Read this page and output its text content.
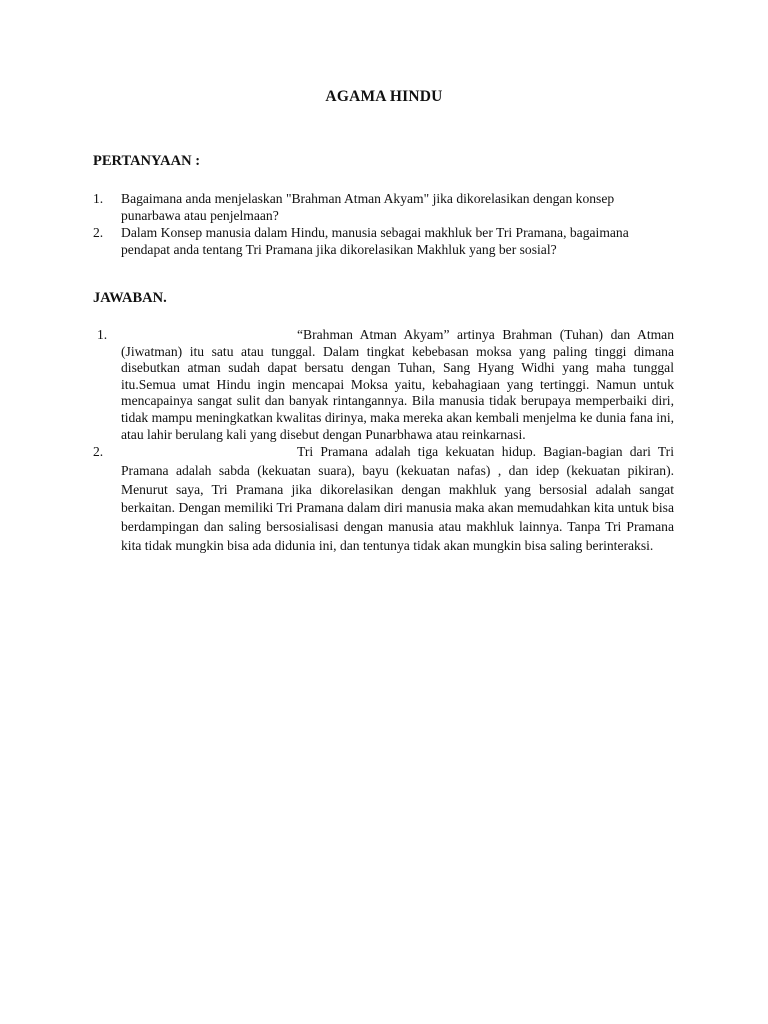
AGAMA HINDU
PERTANYAAN :
1. Bagaimana anda menjelaskan "Brahman Atman Akyam" jika dikorelasikan dengan konsep punarbawa atau penjelmaan?
2. Dalam Konsep manusia dalam Hindu, manusia sebagai makhluk ber Tri Pramana, bagaimana pendapat anda tentang Tri Pramana jika dikorelasikan Makhluk yang ber sosial?
JAWABAN.
1.	“Brahman Atman Akyam” artinya Brahman (Tuhan) dan Atman (Jiwatman) itu satu atau tunggal. Dalam tingkat kebebasan moksa yang paling tinggi dimana disebutkan atman sudah dapat bersatu dengan Tuhan, Sang Hyang Widhi yang maha tunggal itu.Semua umat Hindu ingin mencapai Moksa yaitu, kebahagiaan yang tertinggi. Namun untuk mencapainya sangat sulit dan banyak rintangannya. Bila manusia tidak berupaya memperbaiki diri, tidak mampu meningkatkan kwalitas dirinya, maka mereka akan kembali menjelma ke dunia fana ini, atau lahir berulang kali yang disebut dengan Punarbhawa atau reinkarnasi.
2.	Tri Pramana adalah tiga kekuatan hidup. Bagian-bagian dari Tri Pramana adalah sabda (kekuatan suara), bayu (kekuatan nafas) , dan idep (kekuatan pikiran). Menurut saya, Tri Pramana jika dikorelasikan dengan makhluk yang bersosial adalah sangat berkaitan. Dengan memiliki Tri Pramana dalam diri manusia maka akan memudahkan kita untuk bisa berdampingan dan saling bersosialisasi dengan manusia atau makhluk lainnya. Tanpa Tri Pramana kita tidak mungkin bisa ada didunia ini, dan tentunya tidak akan mungkin bisa saling berinteraksi.
